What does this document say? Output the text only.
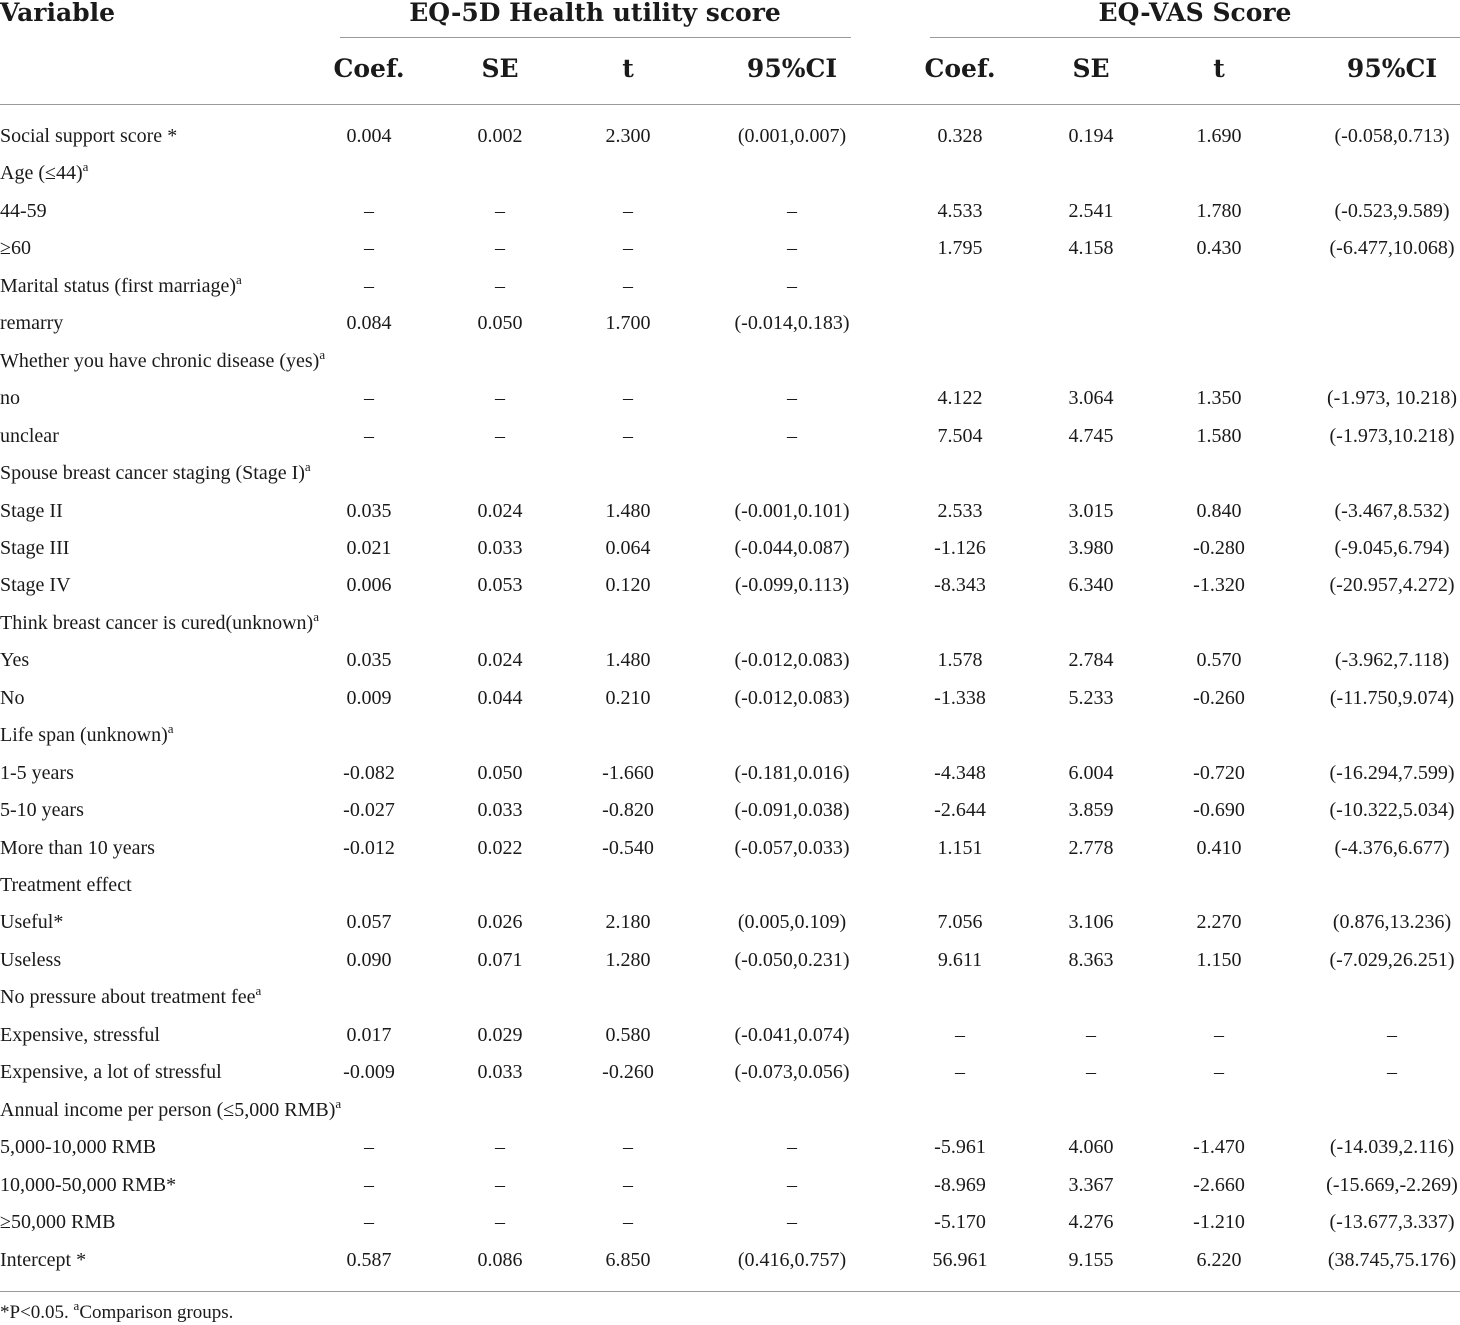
Variable	EQ-5D Health utility score	EQ-VAS Score
Coef.	SE	t	95%CI	Coef.	SE	t	95%CI
Social support score *	0.004	0.002	2.300	(0.001,0.007)	0.328	0.194	1.690	(-0.058,0.713)
Age (≤44)$^a$
44-59	–	–	–	–	4.533	2.541	1.780	(-0.523,9.589)
≥60	–	–	–	–	1.795	4.158	0.430	(-6.477,10.068)
Marital status (first marriage)$^a$	–	–	–	–
remarry	0.084	0.050	1.700	(-0.014,0.183)
Whether you have chronic disease (yes)$^a$
no	–	–	–	–	4.122	3.064	1.350	(-1.973, 10.218)
unclear	–	–	–	–	7.504	4.745	1.580	(-1.973,10.218)
Spouse breast cancer staging (Stage I)$^a$
Stage II	0.035	0.024	1.480	(-0.001,0.101)	2.533	3.015	0.840	(-3.467,8.532)
Stage III	0.021	0.033	0.064	(-0.044,0.087)	-1.126	3.980	-0.280	(-9.045,6.794)
Stage IV	0.006	0.053	0.120	(-0.099,0.113)	-8.343	6.340	-1.320	(-20.957,4.272)
Think breast cancer is cured(unknown)$^a$
Yes	0.035	0.024	1.480	(-0.012,0.083)	1.578	2.784	0.570	(-3.962,7.118)
No	0.009	0.044	0.210	(-0.012,0.083)	-1.338	5.233	-0.260	(-11.750,9.074)
Life span (unknown)$^a$
1-5 years	-0.082	0.050	-1.660	(-0.181,0.016)	-4.348	6.004	-0.720	(-16.294,7.599)
5-10 years	-0.027	0.033	-0.820	(-0.091,0.038)	-2.644	3.859	-0.690	(-10.322,5.034)
More than 10 years	-0.012	0.022	-0.540	(-0.057,0.033)	1.151	2.778	0.410	(-4.376,6.677)
Treatment effect
Useful*	0.057	0.026	2.180	(0.005,0.109)	7.056	3.106	2.270	(0.876,13.236)
Useless	0.090	0.071	1.280	(-0.050,0.231)	9.611	8.363	1.150	(-7.029,26.251)
No pressure about treatment fee$^a$
Expensive, stressful	0.017	0.029	0.580	(-0.041,0.074)	–	–	–	–
Expensive, a lot of stressful	-0.009	0.033	-0.260	(-0.073,0.056)	–	–	–	–
Annual income per person (≤5,000 RMB)$^a$
5,000-10,000 RMB	–	–	–	–	-5.961	4.060	-1.470	(-14.039,2.116)
10,000-50,000 RMB*	–	–	–	–	-8.969	3.367	-2.660	(-15.669,-2.269)
≥50,000 RMB	–	–	–	–	-5.170	4.276	-1.210	(-13.677,3.337)
Intercept *	0.587	0.086	6.850	(0.416,0.757)	56.961	9.155	6.220	(38.745,75.176)
*P<0.05. $^a$Comparison groups.
